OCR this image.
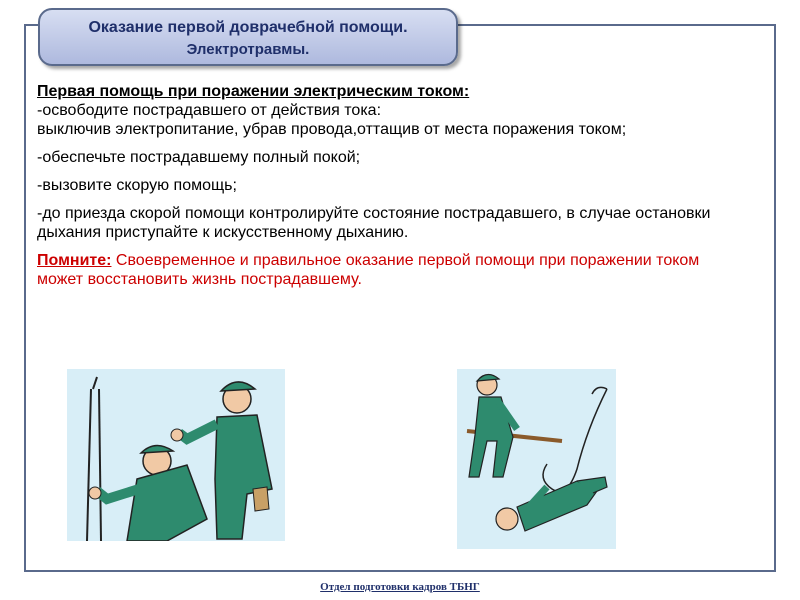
Оказание первой доврачебной помощи.
Электротравмы.

Первая помощь при поражении электрическим током:
-освободите пострадавшего от действия тока:
выключив электропитание, убрав провода,оттащив от места поражения током;

-обеспечьте пострадавшему полный покой;

-вызовите скорую помощь;

-до приезда скорой помощи контролируйте состояние пострадавшего, в случае остановки дыхания приступайте к искусственному дыханию.

Помните: Своевременное и правильное оказание первой помощи при поражении током может восстановить жизнь пострадавшему.

Отдел подготовки кадров ТБНГ
